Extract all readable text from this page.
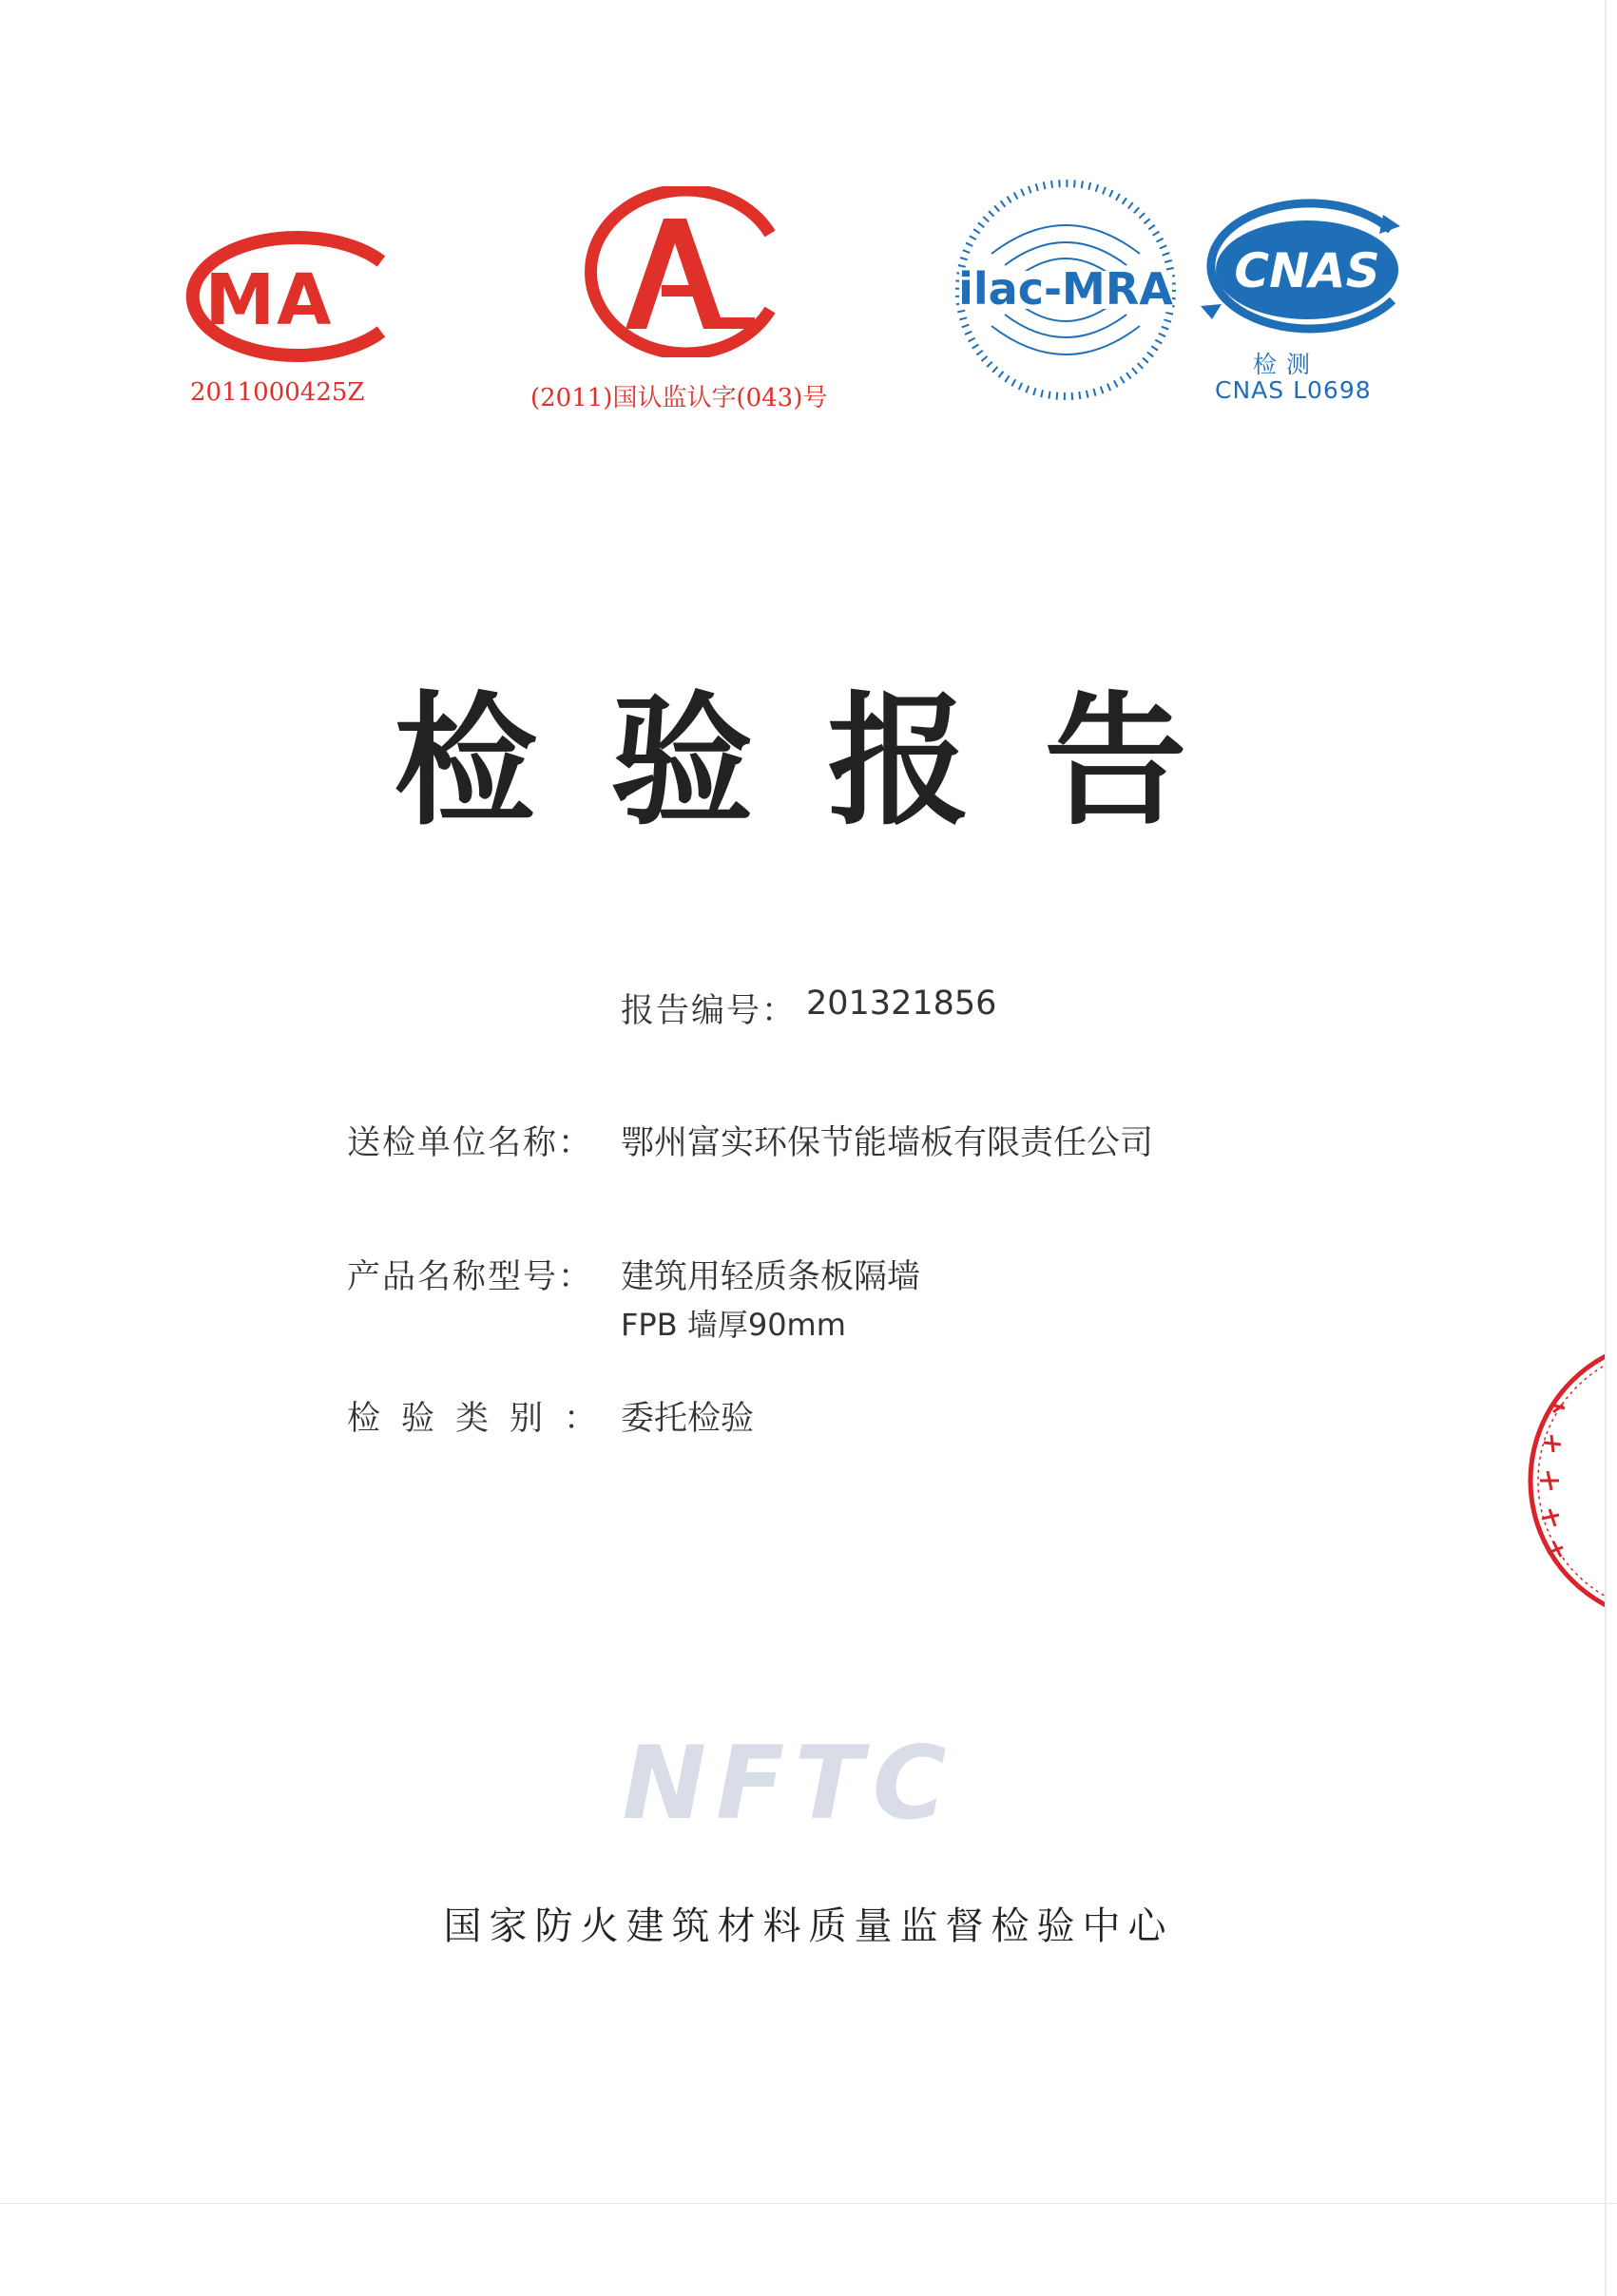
MA
2011000425Z	(2011)国认监认字(043)号
ilac-MRA CNAS
检 测
CNAS L0698
检验报告
报告编号： 201321856
送检单位名称： 鄂州富实环保节能墙板有限责任公司
产品名称型号： 建筑用轻质条板隔墙
FPB 墙厚90mm
检验类别： 委托检验
NFTC
国家防火建筑材料质量监督检验中心
